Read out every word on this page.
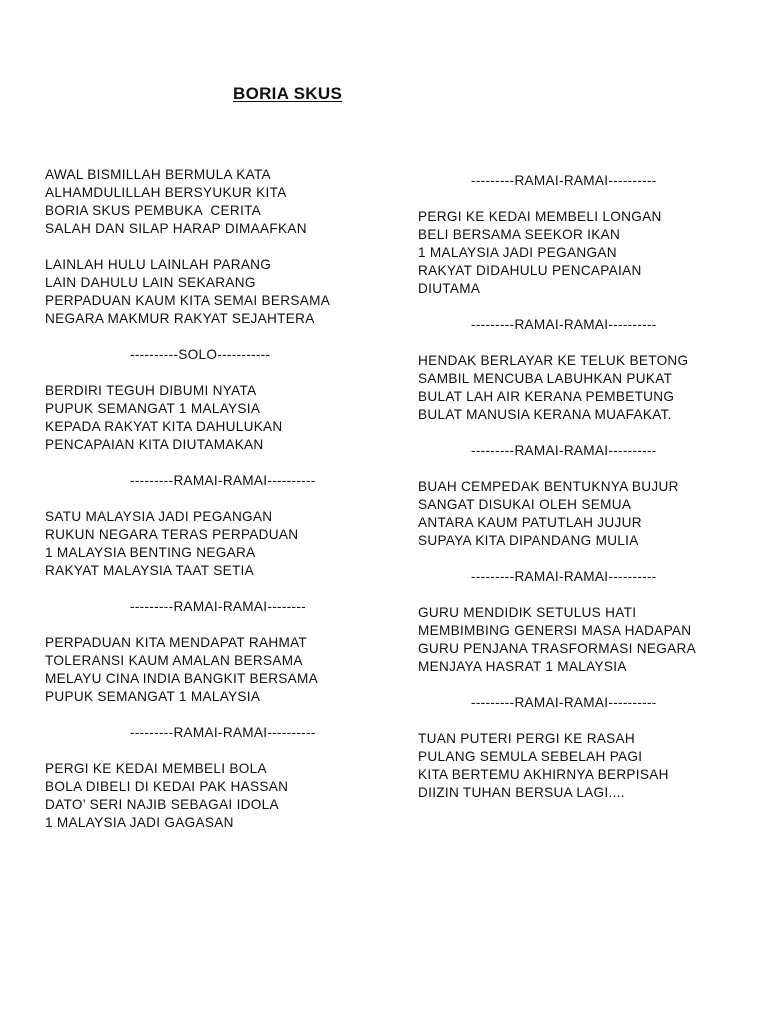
BORIA SKUS
AWAL BISMILLAH BERMULA KATA
ALHAMDULILLAH BERSYUKUR KITA
BORIA SKUS PEMBUKA  CERITA
SALAH DAN SILAP HARAP DIMAAFKAN
LAINLAH HULU LAINLAH PARANG
LAIN DAHULU LAIN SEKARANG
PERPADUAN KAUM KITA SEMAI BERSAMA
NEGARA MAKMUR RAKYAT SEJAHTERA
----------SOLO-----------
BERDIRI TEGUH DIBUMI NYATA
PUPUK SEMANGAT 1 MALAYSIA
KEPADA RAKYAT KITA DAHULUKAN
PENCAPAIAN KITA DIUTAMAKAN
---------RAMAI-RAMAI----------
SATU MALAYSIA JADI PEGANGAN
RUKUN NEGARA TERAS PERPADUAN
1 MALAYSIA BENTING NEGARA
RAKYAT MALAYSIA TAAT SETIA
---------RAMAI-RAMAI--------
PERPADUAN KITA MENDAPAT RAHMAT
TOLERANSI KAUM AMALAN BERSAMA
MELAYU CINA INDIA BANGKIT BERSAMA
PUPUK SEMANGAT 1 MALAYSIA
---------RAMAI-RAMAI----------
PERGI KE KEDAI MEMBELI BOLA
BOLA DIBELI DI KEDAI PAK HASSAN
DATO’ SERI NAJIB SEBAGAI IDOLA
1 MALAYSIA JADI GAGASAN
---------RAMAI-RAMAI----------
PERGI KE KEDAI MEMBELI LONGAN
BELI BERSAMA SEEKOR IKAN
1 MALAYSIA JADI PEGANGAN
RAKYAT DIDAHULU PENCAPAIAN
DIUTAMA
---------RAMAI-RAMAI----------
HENDAK BERLAYAR KE TELUK BETONG
SAMBIL MENCUBA LABUHKAN PUKAT
BULAT LAH AIR KERANA PEMBETUNG
BULAT MANUSIA KERANA MUAFAKAT.
---------RAMAI-RAMAI----------
BUAH CEMPEDAK BENTUKNYA BUJUR
SANGAT DISUKAI OLEH SEMUA
ANTARA KAUM PATUTLAH JUJUR
SUPAYA KITA DIPANDANG MULIA
---------RAMAI-RAMAI----------
GURU MENDIDIK SETULUS HATI
MEMBIMBING GENERSI MASA HADAPAN
GURU PENJANA TRASFORMASI NEGARA
MENJAYA HASRAT 1 MALAYSIA
---------RAMAI-RAMAI----------
TUAN PUTERI PERGI KE RASAH
PULANG SEMULA SEBELAH PAGI
KITA BERTEMU AKHIRNYA BERPISAH
DIIZIN TUHAN BERSUA LAGI....
